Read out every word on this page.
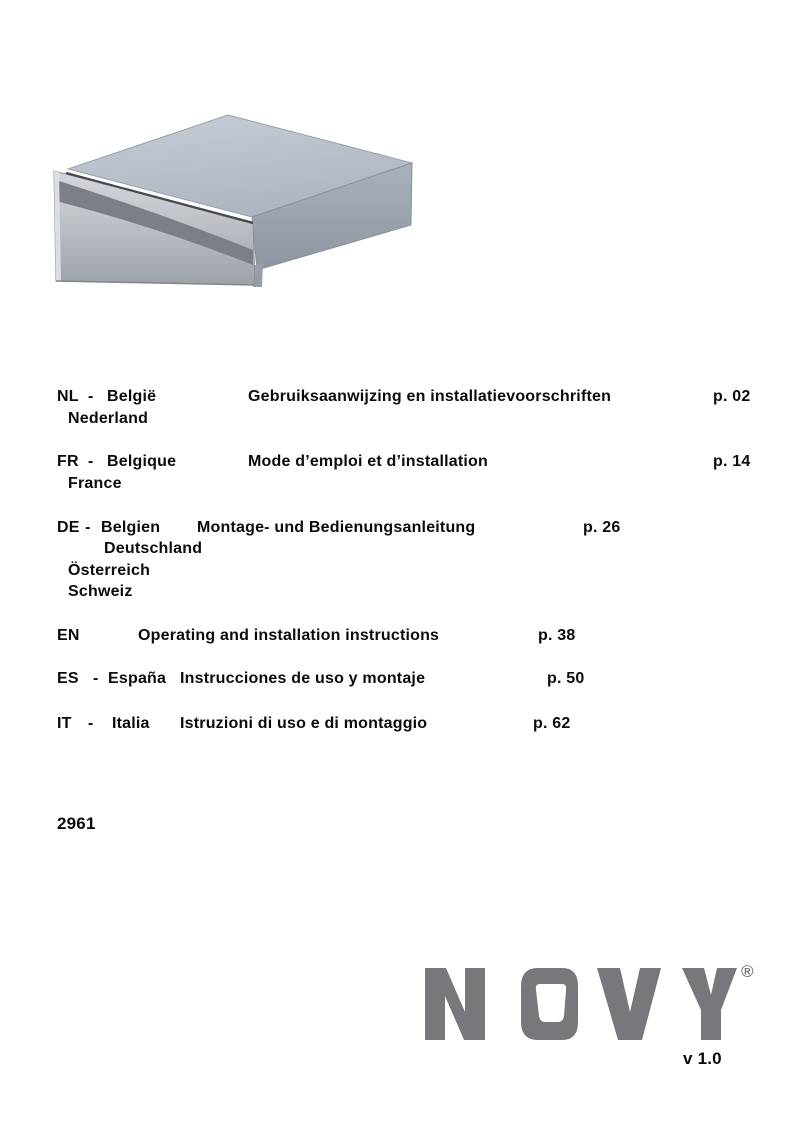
NL - België	Gebruiksaanwijzing en installatievoorschriften	p. 02
Nederland
FR - Belgique	Mode d’emploi et d’installation	p. 14
France
DE - Belgien Montage- und Bedienungsanleitung	p. 26
Deutschland
Österreich
Schweiz
EN	Operating and installation instructions	p. 38
ES - España Instrucciones de uso y montaje	p. 50
IT - Italia Istruzioni di uso e di montaggio	p. 62
2961
®
v 1.0
